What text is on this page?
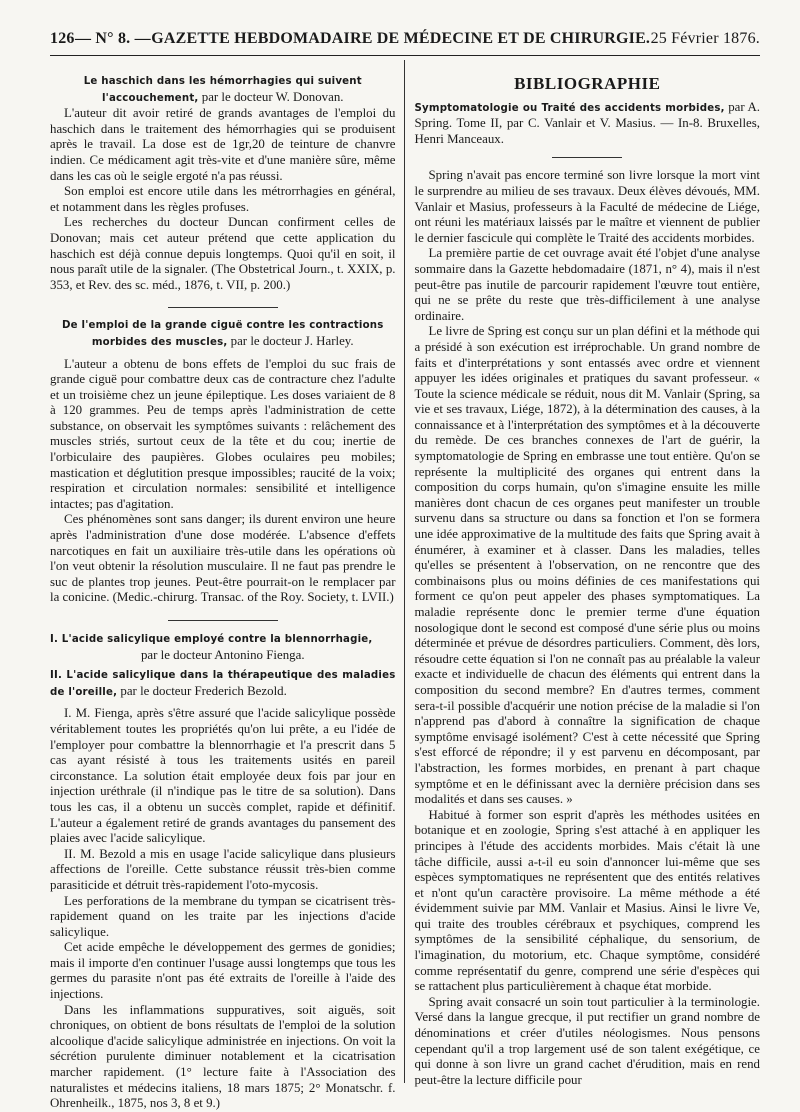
126 — N° 8. — GAZETTE HEBDOMADAIRE DE MÉDECINE ET DE CHIRURGIE. 25 Février 1876.

Le haschich dans les hémorrhagies qui suivent
l'accouchement, par le docteur W. Donovan.

L'auteur dit avoir retiré de grands avantages de l'emploi du haschich dans le traitement des hémorrhagies qui se produisent après le travail. La dose est de 1gr,20 de teinture de chanvre indien. Ce médicament agit très-vite et d'une manière sûre, même dans les cas où le seigle ergoté n'a pas réussi.

Son emploi est encore utile dans les métrorrhagies en général, et notamment dans les règles profuses.

Les recherches du docteur Duncan confirment celles de Donovan; mais cet auteur prétend que cette application du haschich est déjà connue depuis longtemps. Quoi qu'il en soit, il nous paraît utile de la signaler. (The Obstetrical Journ., t. XXIX, p. 353, et Rev. des sc. méd., 1876, t. VII, p. 200.)

De l'emploi de la grande ciguë contre les contractions
morbides des muscles, par le docteur J. Harley.

L'auteur a obtenu de bons effets de l'emploi du suc frais de grande ciguë pour combattre deux cas de contracture chez l'adulte et un troisième chez un jeune épileptique. Les doses variaient de 8 à 120 grammes. Peu de temps après l'administration de cette substance, on observait les symptômes suivants : relâchement des muscles striés, surtout ceux de la tête et du cou; inertie de l'orbiculaire des paupières. Globes oculaires peu mobiles; mastication et déglutition presque impossibles; raucité de la voix; respiration et circulation normales: sensibilité et intelligence intactes; pas d'agitation.

Ces phénomènes sont sans danger; ils durent environ une heure après l'administration d'une dose modérée. L'absence d'effets narcotiques en fait un auxiliaire très-utile dans les opérations où l'on veut obtenir la résolution musculaire. Il ne faut pas prendre le suc de plantes trop jeunes. Peut-être pourrait-on le remplacer par la conicine. (Medic.-chirurg. Transac. of the Roy. Society, t. LVII.)

I. L'acide salicylique employé contre la blennorrhagie,

par le docteur Antonino Fienga.

II. L'acide salicylique dans la thérapeutique des maladies de l'oreille, par le docteur Frederich Bezold.

I. M. Fienga, après s'être assuré que l'acide salicylique possède véritablement toutes les propriétés qu'on lui prête, a eu l'idée de l'employer pour combattre la blennorrhagie et l'a prescrit dans 5 cas ayant résisté à tous les traitements usités en pareil circonstance. La solution était employée deux fois par jour en injection uréthrale (il n'indique pas le titre de sa solution). Dans tous les cas, il a obtenu un succès complet, rapide et définitif. L'auteur a également retiré de grands avantages du pansement des plaies avec l'acide salicylique.

II. M. Bezold a mis en usage l'acide salicylique dans plusieurs affections de l'oreille. Cette substance réussit très-bien comme parasiticide et détruit très-rapidement l'oto-mycosis.

Les perforations de la membrane du tympan se cicatrisent très-rapidement quand on les traite par les injections d'acide salicylique.

Cet acide empêche le développement des germes de gonidies; mais il importe d'en continuer l'usage aussi longtemps que tous les germes du parasite n'ont pas été extraits de l'oreille à l'aide des injections.

Dans les inflammations suppuratives, soit aiguës, soit chroniques, on obtient de bons résultats de l'emploi de la solution alcoolique d'acide salicylique administrée en injections. On voit la sécrétion purulente diminuer notablement et la cicatrisation marcher rapidement. (1° lecture faite à l'Association des naturalistes et médecins italiens, 18 mars 1875; 2° Monatschr. f. Ohrenheilk., 1875, nos 3, 8 et 9.)

BIBLIOGRAPHIE

Symptomatologie ou Traité des accidents morbides, par A. Spring. Tome II, par C. Vanlair et V. Masius. — In-8. Bruxelles, Henri Manceaux.

Spring n'avait pas encore terminé son livre lorsque la mort vint le surprendre au milieu de ses travaux. Deux élèves dévoués, MM. Vanlair et Masius, professeurs à la Faculté de médecine de Liége, ont réuni les matériaux laissés par le maître et viennent de publier le dernier fascicule qui complète le Traité des accidents morbides.

La première partie de cet ouvrage avait été l'objet d'une analyse sommaire dans la Gazette hebdomadaire (1871, n° 4), mais il n'est peut-être pas inutile de parcourir rapidement l'œuvre tout entière, qui ne se prête du reste que très-difficilement à une analyse ordinaire.

Le livre de Spring est conçu sur un plan défini et la méthode qui a présidé à son exécution est irréprochable. Un grand nombre de faits et d'interprétations y sont entassés avec ordre et viennent appuyer les idées originales et pratiques du savant professeur. « Toute la science médicale se réduit, nous dit M. Vanlair (Spring, sa vie et ses travaux, Liége, 1872), à la détermination des causes, à la connaissance et à l'interprétation des symptômes et à la découverte du remède. De ces branches connexes de l'art de guérir, la symptomatologie de Spring en embrasse une tout entière. Qu'on se représente la multiplicité des organes qui entrent dans la composition du corps humain, qu'on s'imagine ensuite les mille manières dont chacun de ces organes peut manifester un trouble survenu dans sa structure ou dans sa fonction et l'on se formera une idée approximative de la multitude des faits que Spring avait à énumérer, à examiner et à classer. Dans les maladies, telles qu'elles se présentent à l'observation, on ne rencontre que des combinaisons plus ou moins définies de ces manifestations qui forment ce qu'on peut appeler des phases symptomatiques. La maladie représente donc le premier terme d'une équation nosologique dont le second est composé d'une série plus ou moins déterminée et prévue de désordres particuliers. Comment, dès lors, résoudre cette équation si l'on ne connaît pas au préalable la valeur exacte et individuelle de chacun des éléments qui entrent dans la composition du second membre? En d'autres termes, comment sera-t-il possible d'acquérir une notion précise de la maladie si l'on n'apprend pas d'abord à connaître la signification de chaque symptôme envisagé isolément? C'est à cette nécessité que Spring s'est efforcé de répondre; il y est parvenu en décomposant, par l'abstraction, les formes morbides, en prenant à part chaque symptôme et en le définissant avec la dernière précision dans ses modalités et dans ses causes. »

Habitué à former son esprit d'après les méthodes usitées en botanique et en zoologie, Spring s'est attaché à en appliquer les principes à l'étude des accidents morbides. Mais c'était là une tâche difficile, aussi a-t-il eu soin d'annoncer lui-même que ses espèces symptomatiques ne représentent que des entités relatives et n'ont qu'un caractère provisoire. La même méthode a été évidemment suivie par MM. Vanlair et Masius. Ainsi le livre Ve, qui traite des troubles cérébraux et psychiques, comprend les symptômes de la sensibilité céphalique, du sensorium, de l'imagination, du motorium, etc. Chaque symptôme, considéré comme représentatif du genre, comprend une série d'espèces qui se rattachent plus particulièrement à chaque état morbide.

Spring avait consacré un soin tout particulier à la terminologie. Versé dans la langue grecque, il put rectifier un grand nombre de dénominations et créer d'utiles néologismes. Nous pensons cependant qu'il a trop largement usé de son talent exégétique, ce qui donne à son livre un grand cachet d'érudition, mais en rend peut-être la lecture difficile pour
